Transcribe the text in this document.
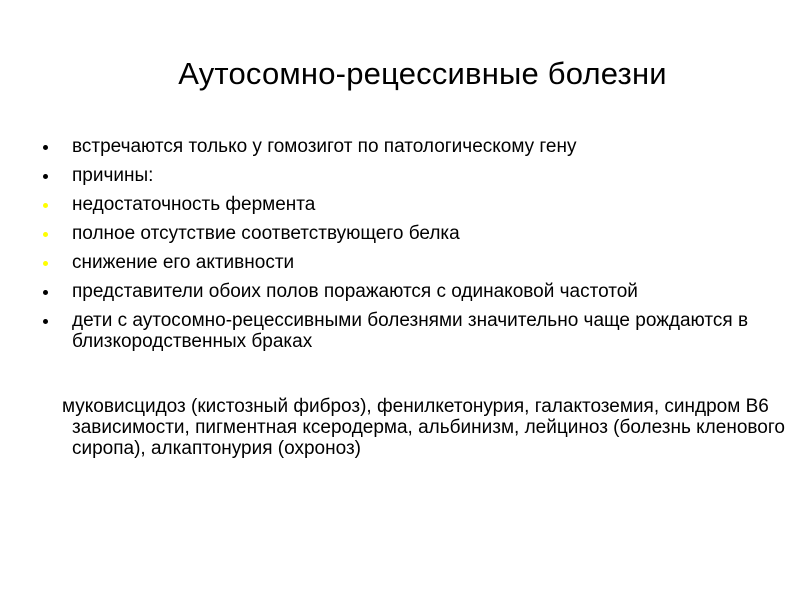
Аутосомно-рецессивные болезни
встречаются только у гомозигот по патологическому гену
причины:
недостаточность фермента
полное отсутствие соответствующего белка
снижение его активности
представители обоих полов поражаются с одинаковой частотой
дети с аутосомно-рецессивными болезнями значительно чаще рождаются в близкородственных браках

муковисцидоз (кистозный фиброз), фенилкетонурия, галактоземия, синдром B6 зависимости, пигментная ксеродерма, альбинизм, лейциноз (болезнь кленового сиропа), алкаптонурия (охроноз)
